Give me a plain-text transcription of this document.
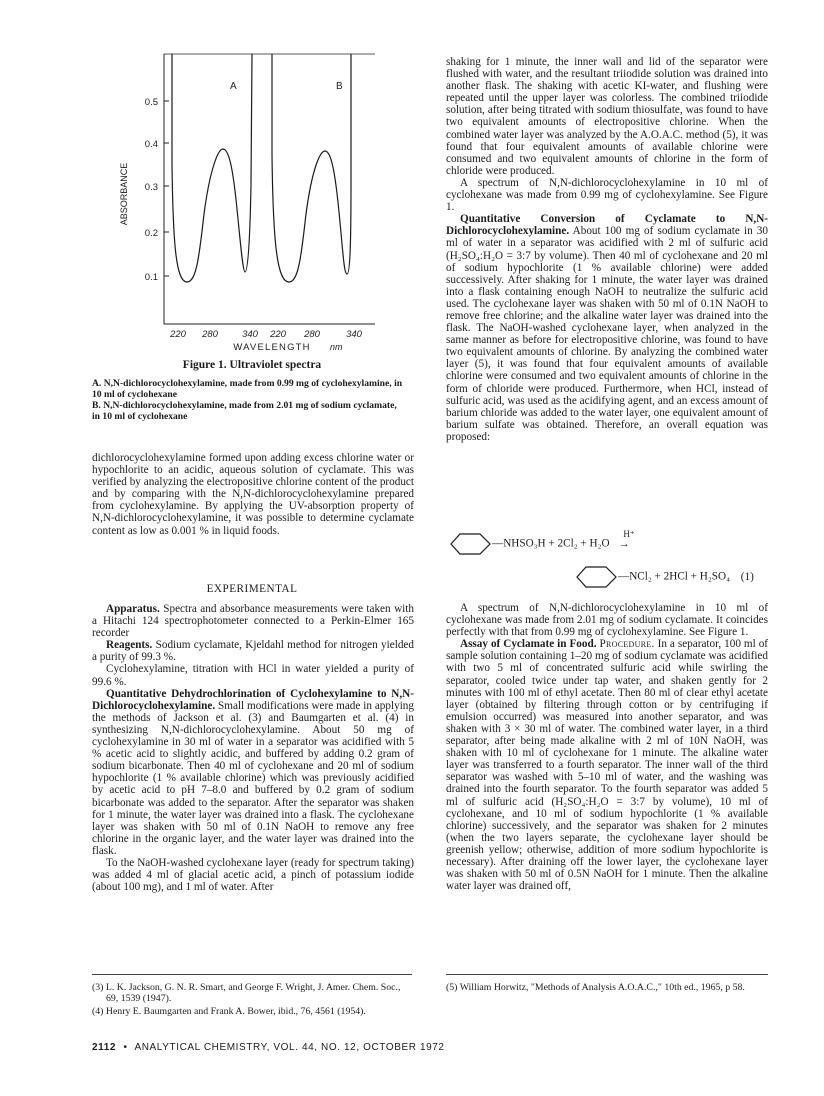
ABSORBANCE
0.5
0.4
0.3
0.2
0.1
A	B
220 280	340 220 280	340
WAVELENGTH nm
Figure 1. Ultraviolet spectra
A. N,N-dichlorocyclohexylamine, made from 0.99 mg of cyclohexylamine, in 10 ml of cyclohexane
B. N,N-dichlorocyclohexylamine, made from 2.01 mg of sodium cyclamate, in 10 ml of cyclohexane

dichlorocyclohexylamine formed upon adding excess chlorine water or hypochlorite to an acidic, aqueous solution of cyclamate. This was verified by analyzing the electropositive chlorine content of the product and by comparing with the N,N-dichlorocyclohexylamine prepared from cyclohexylamine. By applying the UV-absorption property of N,N-dichlorocyclohexylamine, it was possible to determine cyclamate content as low as 0.001 % in liquid foods.

EXPERIMENTAL

Apparatus. Spectra and absorbance measurements were taken with a Hitachi 124 spectrophotometer connected to a Perkin-Elmer 165 recorder

Reagents. Sodium cyclamate, Kjeldahl method for nitrogen yielded a purity of 99.3 %.

Cyclohexylamine, titration with HCl in water yielded a purity of 99.6 %.

Quantitative Dehydrochlorination of Cyclohexylamine to N,N-Dichlorocyclohexylamine. Small modifications were made in applying the methods of Jackson et al. (3) and Baumgarten et al. (4) in synthesizing N,N-dichlorocyclohexylamine. About 50 mg of cyclohexylamine in 30 ml of water in a separator was acidified with 5 % acetic acid to slightly acidic, and buffered by adding 0.2 gram of sodium bicarbonate. Then 40 ml of cyclohexane and 20 ml of sodium hypochlorite (1 % available chlorine) which was previously acidified by acetic acid to pH 7–8.0 and buffered by 0.2 gram of sodium bicarbonate was added to the separator. After the separator was shaken for 1 minute, the water layer was drained into a flask. The cyclohexane layer was shaken with 50 ml of 0.1N NaOH to remove any free chlorine in the organic layer, and the water layer was drained into the flask.

To the NaOH-washed cyclohexane layer (ready for spectrum taking) was added 4 ml of glacial acetic acid, a pinch of potassium iodide (about 100 mg), and 1 ml of water. After

(3) L. K. Jackson, G. N. R. Smart, and George F. Wright, J. Amer. Chem. Soc., 69, 1539 (1947).

(4) Henry E. Baumgarten and Frank A. Bower, ibid., 76, 4561 (1954).

shaking for 1 minute, the inner wall and lid of the separator were flushed with water, and the resultant triiodide solution was drained into another flask. The shaking with acetic KI-water, and flushing were repeated until the upper layer was colorless. The combined triiodide solution, after being titrated with sodium thiosulfate, was found to have two equivalent amounts of electropositive chlorine. When the combined water layer was analyzed by the A.O.A.C. method (5), it was found that four equivalent amounts of available chlorine were consumed and two equivalent amounts of chlorine in the form of chloride were produced.

A spectrum of N,N-dichlorocyclohexylamine in 10 ml of cyclohexane was made from 0.99 mg of cyclohexylamine. See Figure 1.

Quantitative Conversion of Cyclamate to N,N-Dichlorocyclohexylamine. About 100 mg of sodium cyclamate in 30 ml of water in a separator was acidified with 2 ml of sulfuric acid (H₂SO₄:H₂O = 3:7 by volume). Then 40 ml of cyclohexane and 20 ml of sodium hypochlorite (1 % available chlorine) were added successively. After shaking for 1 minute, the water layer was drained into a flask containing enough NaOH to neutralize the sulfuric acid used. The cyclohexane layer was shaken with 50 ml of 0.1N NaOH to remove free chlorine; and the alkaline water layer was drained into the flask. The NaOH-washed cyclohexane layer, when analyzed in the same manner as before for electropositive chlorine, was found to have two equivalent amounts of chlorine. By analyzing the combined water layer (5), it was found that four equivalent amounts of available chlorine were consumed and two equivalent amounts of chlorine in the form of chloride were produced. Furthermore, when HCl, instead of sulfuric acid, was used as the acidifying agent, and an excess amount of barium chloride was added to the water layer, one equivalent amount of barium sulfate was obtained. Therefore, an overall equation was proposed:

—NHSO₃H + 2Cl₂ + H₂O
H⁺
→
—NCl₂ + 2HCl + H₂SO₄ (1)

A spectrum of N,N-dichlorocyclohexylamine in 10 ml of cyclohexane was made from 2.01 mg of sodium cyclamate. It coincides perfectly with that from 0.99 mg of cyclohexylamine. See Figure 1.

Assay of Cyclamate in Food. Procedure. In a separator, 100 ml of sample solution containing 1–20 mg of sodium cyclamate was acidified with two 5 ml of concentrated sulfuric acid while swirling the separator, cooled twice under tap water, and shaken gently for 2 minutes with 100 ml of ethyl acetate. Then 80 ml of clear ethyl acetate layer (obtained by filtering through cotton or by centrifuging if emulsion occurred) was measured into another separator, and was shaken with 3 × 30 ml of water. The combined water layer, in a third separator, after being made alkaline with 2 ml of 10N NaOH, was shaken with 10 ml of cyclohexane for 1 minute. The alkaline water layer was transferred to a fourth separator. The inner wall of the third separator was washed with 5–10 ml of water, and the washing was drained into the fourth separator. To the fourth separator was added 5 ml of sulfuric acid (H₂SO₄:H₂O = 3:7 by volume), 10 ml of cyclohexane, and 10 ml of sodium hypochlorite (1 % available chlorine) successively, and the separator was shaken for 2 minutes (when the two layers separate, the cyclohexane layer should be greenish yellow; otherwise, addition of more sodium hypochlorite is necessary). After draining off the lower layer, the cyclohexane layer was shaken with 50 ml of 0.5N NaOH for 1 minute. Then the alkaline water layer was drained off,

(5) William Horwitz, "Methods of Analysis A.O.A.C.," 10th ed., 1965, p 58.

2112 • ANALYTICAL CHEMISTRY, VOL. 44, NO. 12, OCTOBER 1972
